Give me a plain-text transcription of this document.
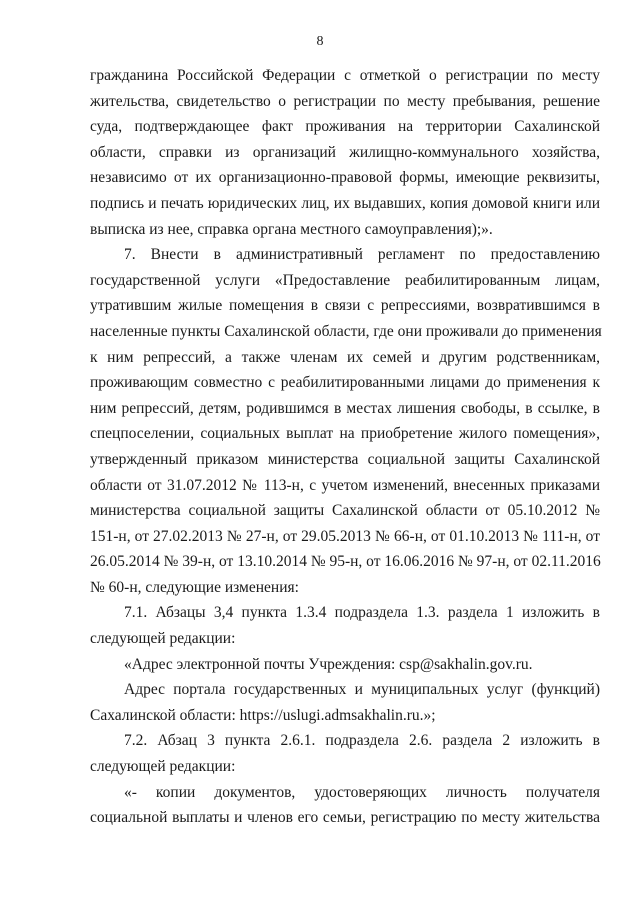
8
гражданина Российской Федерации с отметкой о регистрации по месту
жительства, свидетельство о регистрации по месту пребывания, решение
суда, подтверждающее факт проживания на территории Сахалинской
области, справки из организаций жилищно-коммунального хозяйства,
независимо от их организационно-правовой формы, имеющие реквизиты,
подпись и печать юридических лиц, их выдавших, копия домовой книги или
выписка из нее, справка органа местного самоуправления);».
7. Внести в административный регламент по предоставлению
государственной услуги «Предоставление реабилитированным лицам,
утратившим жилые помещения в связи с репрессиями, возвратившимся в
населенные пункты Сахалинской области, где они проживали до применения
к ним репрессий, а также членам их семей и другим родственникам,
проживающим совместно с реабилитированными лицами до применения к
ним репрессий, детям, родившимся в местах лишения свободы, в ссылке, в
спецпоселении, социальных выплат на приобретение жилого помещения»,
утвержденный приказом министерства социальной защиты Сахалинской
области от 31.07.2012 № 113-н, с учетом изменений, внесенных приказами
министерства социальной защиты Сахалинской области от 05.10.2012 №
151-н, от 27.02.2013 № 27-н, от 29.05.2013 № 66-н, от 01.10.2013 № 111-н, от
26.05.2014 № 39-н, от 13.10.2014 № 95-н, от 16.06.2016 № 97-н, от 02.11.2016
№ 60-н, следующие изменения:
7.1. Абзацы 3,4 пункта 1.3.4 подраздела 1.3. раздела 1 изложить в
следующей редакции:
«Адрес электронной почты Учреждения: csp@sakhalin.gov.ru.
Адрес портала государственных и муниципальных услуг (функций)
Сахалинской области: https://uslugi.admsakhalin.ru.»;
7.2. Абзац 3 пункта 2.6.1. подраздела 2.6. раздела 2 изложить в
следующей редакции:
«- копии документов, удостоверяющих личность получателя
социальной выплаты и членов его семьи, регистрацию по месту жительства
